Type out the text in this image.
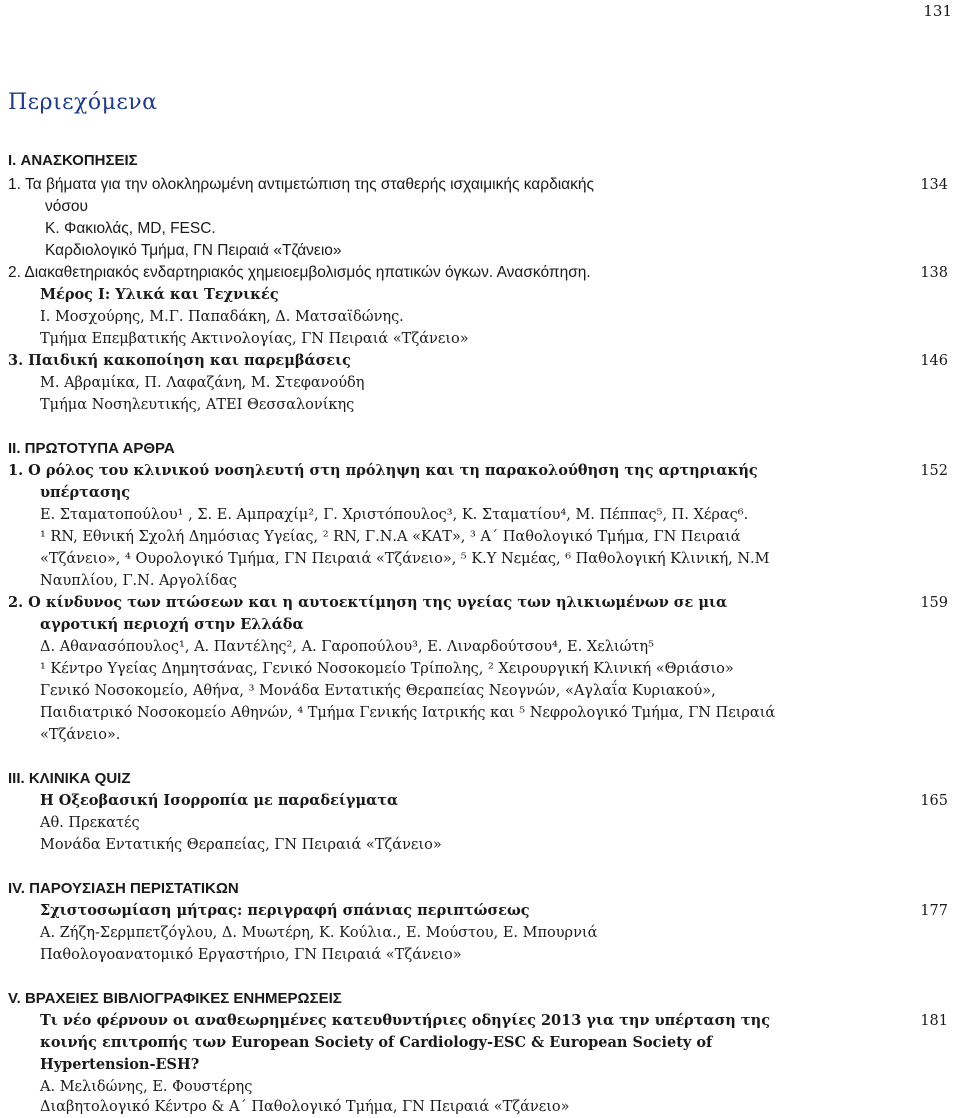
131
Περιεχόμενα
I. ΑΝΑΣΚΟΠΗΣΕΙΣ
1. Τα βήματα για την ολοκληρωμένη αντιμετώπιση της σταθερής ισχαιμικής καρδιακής
νόσου
Κ. Φακιολάς, MD, FESC.
Καρδιολογικό Τμήμα, ΓΝ Πειραιά «Τζάνειο»
2. Διακαθετηριακός ενδαρτηριακός χημειοεμβολισμός ηπατικών όγκων. Ανασκόπηση.
Μέρος I: Υλικά και Τεχνικές
Ι. Μοσχούρης, Μ.Γ. Παπαδάκη, Δ. Ματσαϊδώνης.
Τμήμα Επεμβατικής Ακτινολογίας, ΓΝ Πειραιά «Τζάνειο»
3. Παιδική κακοποίηση και παρεμβάσεις
Μ. Αβραμίκα, Π. Λαφαζάνη, Μ. Στεφανούδη
Τμήμα Νοσηλευτικής, ΑΤΕΙ Θεσσαλονίκης
II. ΠΡΩΤΟΤΥΠΑ ΑΡΘΡΑ
1. Ο ρόλος του κλινικού νοσηλευτή στη πρόληψη και τη παρακολούθηση της αρτηριακής
υπέρτασης
Ε. Σταματοπούλου¹ , Σ. Ε. Αμπραχίμ², Γ. Χριστόπουλος³, Κ. Σταματίου⁴, Μ. Πέππας⁵, Π. Χέρας⁶.
¹ RN, Εθνική Σχολή Δημόσιας Υγείας, ² RN, Γ.Ν.Α «ΚΑΤ», ³ Α΄ Παθολογικό Τμήμα, ΓΝ Πειραιά
«Τζάνειο», ⁴ Ουρολογικό Τμήμα, ΓΝ Πειραιά «Τζάνειο», ⁵ Κ.Υ Νεμέας, ⁶ Παθολογική Κλινική, Ν.Μ
Ναυπλίου, Γ.Ν. Αργολίδας
2. Ο κίνδυνος των πτώσεων και η αυτοεκτίμηση της υγείας των ηλικιωμένων σε μια
αγροτική περιοχή στην Ελλάδα
Δ. Αθανασόπουλος¹, Α. Παντέλης², Α. Γαροπούλου³, Ε. Λιναρδούτσου⁴, Ε. Χελιώτη⁵
¹ Κέντρο Υγείας Δημητσάνας, Γενικό Νοσοκομείο Τρίπολης, ² Χειρουργική Κλινική «Θριάσιο»
Γενικό Νοσοκομείο, Αθήνα, ³ Μονάδα Εντατικής Θεραπείας Νεογνών, «Αγλαΐα Κυριακού»,
Παιδιατρικό Νοσοκομείο Αθηνών, ⁴ Τμήμα Γενικής Ιατρικής και ⁵ Νεφρολογικό Τμήμα, ΓΝ Πειραιά
«Τζάνειο».
III. ΚΛΙΝΙΚΑ QUIZ
Η Οξεοβασική Ισορροπία με παραδείγματα
Αθ. Πρεκατές
Μονάδα Εντατικής Θεραπείας, ΓΝ Πειραιά «Τζάνειο»
IV. ΠΑΡΟΥΣΙΑΣΗ ΠΕΡΙΣΤΑΤΙΚΩΝ
Σχιστοσωμίαση μήτρας: περιγραφή σπάνιας περιπτώσεως
Α. Ζήζη-Σερμπετζόγλου, Δ. Μυωτέρη, Κ. Κούλια., Ε. Μούστου, Ε. Μπουρνιά
Παθολογοανατομικό Εργαστήριο, ΓΝ Πειραιά «Τζάνειο»
V. ΒΡΑΧΕΙΕΣ ΒΙΒΛΙΟΓΡΑΦΙΚΕΣ ΕΝΗΜΕΡΩΣΕΙΣ
Τι νέο φέρνουν οι αναθεωρημένες κατευθυντήριες οδηγίες 2013 για την υπέρταση της
κοινής επιτροπής των European Society of Cardiology-ESC & European Society of
Hypertension-ESH?
Α. Μελιδώνης, Ε. Φουστέρης
Διαβητολογικό Κέντρο & Α΄ Παθολογικό Τμήμα, ΓΝ Πειραιά «Τζάνειο»
134
138
146
152
159
165
177
181
